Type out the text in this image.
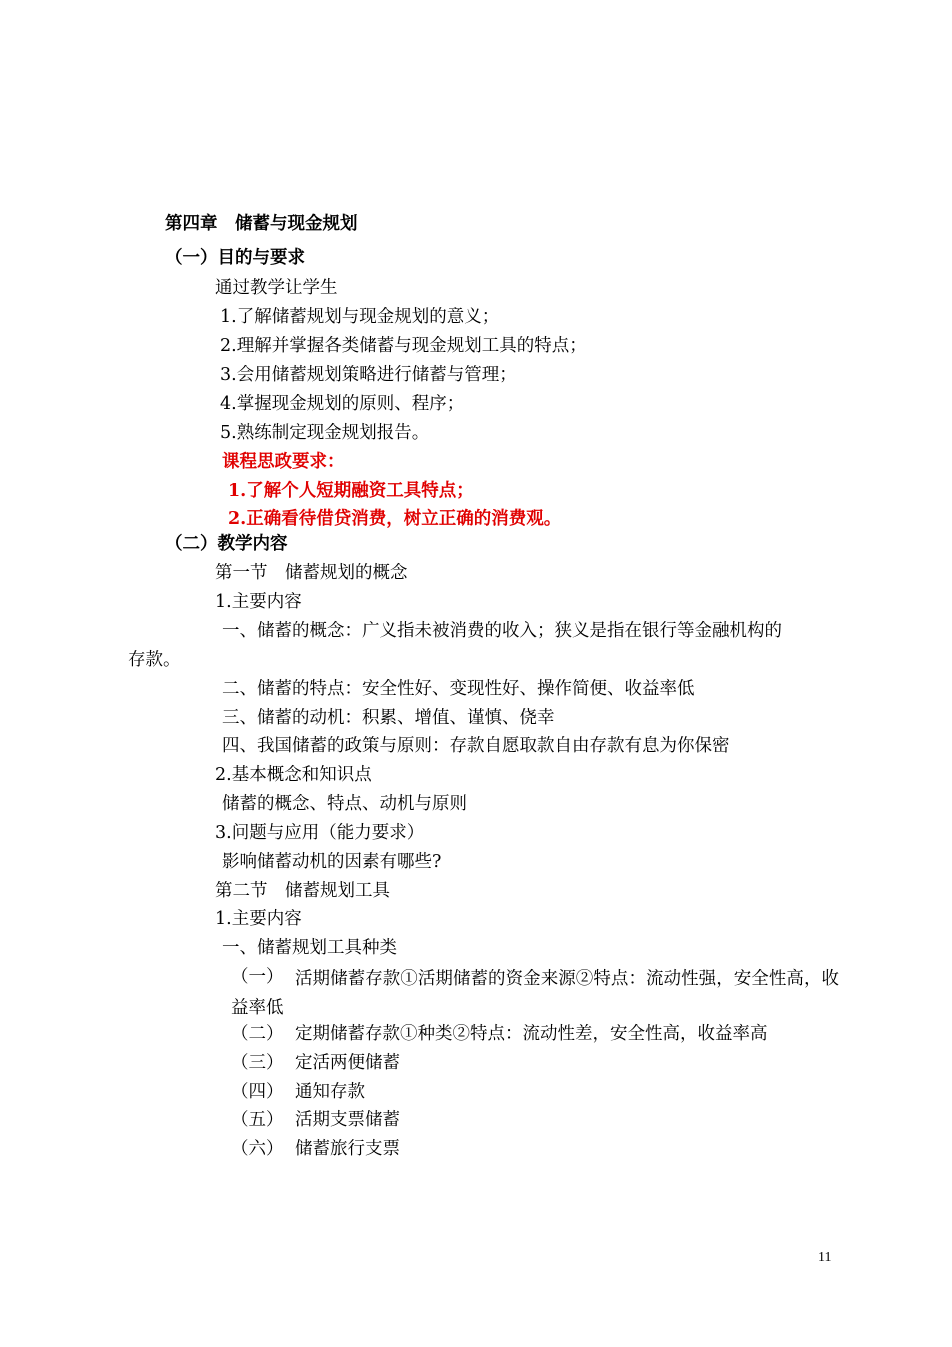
第四章　储蓄与现金规划
（一）目的与要求
通过教学让学生
1.了解储蓄规划与现金规划的意义；
2.理解并掌握各类储蓄与现金规划工具的特点；
3.会用储蓄规划策略进行储蓄与管理；
4.掌握现金规划的原则、程序；
5.熟练制定现金规划报告。
课程思政要求：
1.了解个人短期融资工具特点；
2.正确看待借贷消费，树立正确的消费观。
（二）教学内容
第一节　储蓄规划的概念
1.主要内容
一、储蓄的概念：广义指未被消费的收入；狭义是指在银行等金融机构的
存款。
二、储蓄的特点：安全性好、变现性好、操作简便、收益率低
三、储蓄的动机：积累、增值、谨慎、侥幸
四、我国储蓄的政策与原则：存款自愿取款自由存款有息为你保密
2.基本概念和知识点
储蓄的概念、特点、动机与原则
3.问题与应用（能力要求）
影响储蓄动机的因素有哪些?
第二节　储蓄规划工具
1.主要内容
一、储蓄规划工具种类
（一） 活期储蓄存款①活期储蓄的资金来源②特点：流动性强，安全性高，收益率低
（二） 定期储蓄存款①种类②特点：流动性差，安全性高，收益率高
（三） 定活两便储蓄
（四） 通知存款
（五） 活期支票储蓄
（六） 储蓄旅行支票
11
